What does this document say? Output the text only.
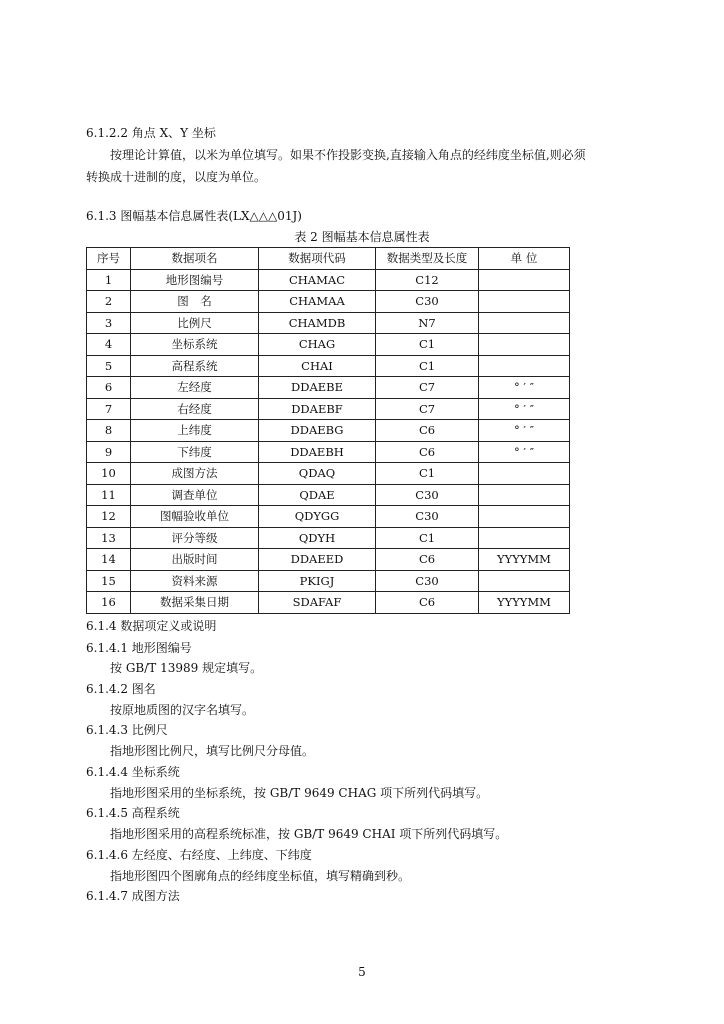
6.1.2.2 角点 X、Y 坐标
按理论计算值，以米为单位填写。如果不作投影变换,直接输入角点的经纬度坐标值,则必须
转换成十进制的度，以度为单位。
6.1.3 图幅基本信息属性表(LX△△△01J)
表 2 图幅基本信息属性表
序号	数据项名	数据项代码	数据类型及长度	单 位
1	地形图编号	CHAMAC	C12	
2	图　名	CHAMAA	C30	
3	比例尺	CHAMDB	N7	
4	坐标系统	CHAG	C1	
5	高程系统	CHAI	C1	
6	左经度	DDAEBE	C7	° ′ ″
7	右经度	DDAEBF	C7	° ′ ″
8	上纬度	DDAEBG	C6	° ′ ″
9	下纬度	DDAEBH	C6	° ′ ″
10	成图方法	QDAQ	C1	
11	调查单位	QDAE	C30	
12	图幅验收单位	QDYGG	C30	
13	评分等级	QDYH	C1	
14	出版时间	DDAEED	C6	YYYYMM
15	资料来源	PKIGJ	C30	
16	数据采集日期	SDAFAF	C6	YYYYMM
6.1.4 数据项定义或说明
6.1.4.1 地形图编号
按 GB/T 13989 规定填写。
6.1.4.2 图名
按原地质图的汉字名填写。
6.1.4.3 比例尺
指地形图比例尺，填写比例尺分母值。
6.1.4.4 坐标系统
指地形图采用的坐标系统，按 GB/T 9649 CHAG 项下所列代码填写。
6.1.4.5 高程系统
指地形图采用的高程系统标准，按 GB/T 9649 CHAI 项下所列代码填写。
6.1.4.6 左经度、右经度、上纬度、下纬度
指地形图四个图廓角点的经纬度坐标值，填写精确到秒。
6.1.4.7 成图方法
5
